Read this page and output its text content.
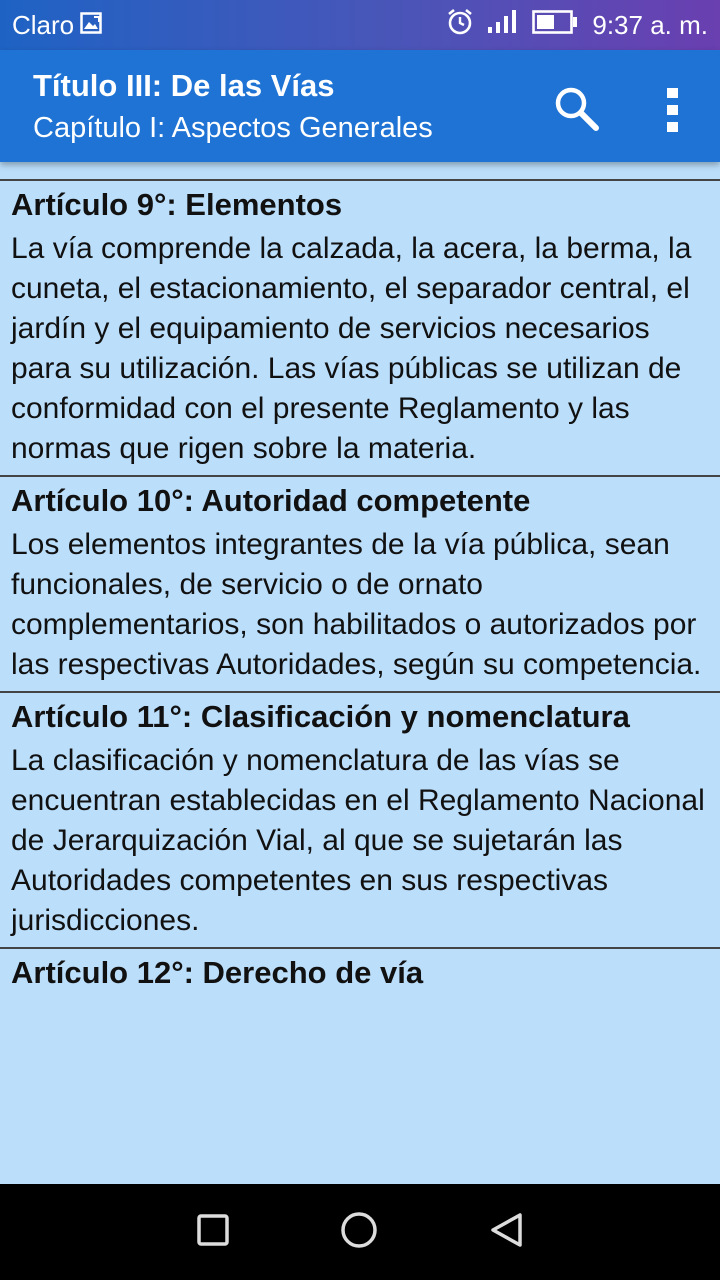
Claro	9:37 a. m.
Título III: De las Vías
Capítulo I: Aspectos Generales
Artículo 9°: Elementos

La vía comprende la calzada, la acera, la berma, la cuneta, el estacionamiento, el separador central, el jardín y el equipamiento de servicios necesarios para su utilización. Las vías públicas se utilizan de conformidad con el presente Reglamento y las normas que rigen sobre la materia.

Artículo 10°: Autoridad competente

Los elementos integrantes de la vía pública, sean funcionales, de servicio o de ornato complementarios, son habilitados o autorizados por las respectivas Autoridades, según su competencia.

Artículo 11°: Clasificación y nomenclatura

La clasificación y nomenclatura de las vías se encuentran establecidas en el Reglamento Nacional de Jerarquización Vial, al que se sujetarán las Autoridades competentes en sus respectivas jurisdicciones.

Artículo 12°: Derecho de vía
